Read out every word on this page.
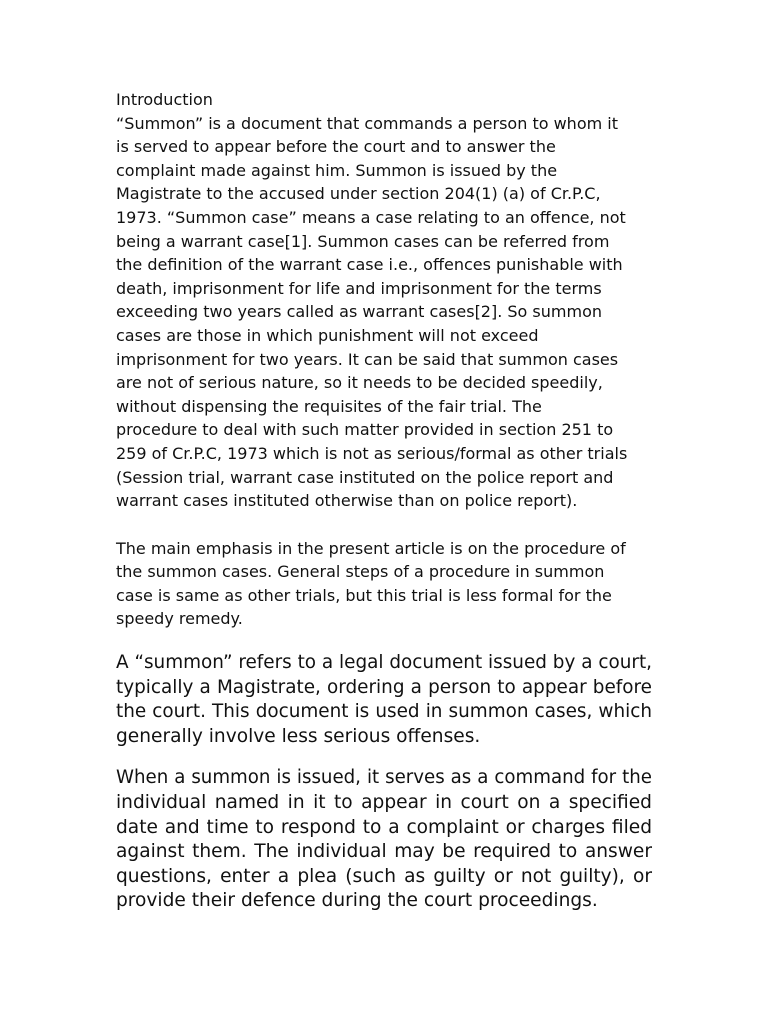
Introduction
“Summon” is a document that commands a person to whom it
is served to appear before the court and to answer the
complaint made against him. Summon is issued by the
Magistrate to the accused under section 204(1) (a) of Cr.P.C,
1973. “Summon case” means a case relating to an offence, not
being a warrant case[1]. Summon cases can be referred from
the definition of the warrant case i.e., offences punishable with
death, imprisonment for life and imprisonment for the terms
exceeding two years called as warrant cases[2]. So summon
cases are those in which punishment will not exceed
imprisonment for two years. It can be said that summon cases
are not of serious nature, so it needs to be decided speedily,
without dispensing the requisites of the fair trial. The
procedure to deal with such matter provided in section 251 to
259 of Cr.P.C, 1973 which is not as serious/formal as other trials
(Session trial, warrant case instituted on the police report and
warrant cases instituted otherwise than on police report).
The main emphasis in the present article is on the procedure of
the summon cases. General steps of a procedure in summon
case is same as other trials, but this trial is less formal for the
speedy remedy.
A “summon” refers to a legal document issued by a court,
typically a Magistrate, ordering a person to appear before
the court. This document is used in summon cases, which
generally involve less serious offenses.
When a summon is issued, it serves as a command for the
individual named in it to appear in court on a specified
date and time to respond to a complaint or charges filed
against them. The individual may be required to answer
questions, enter a plea (such as guilty or not guilty), or
provide their defence during the court proceedings.
